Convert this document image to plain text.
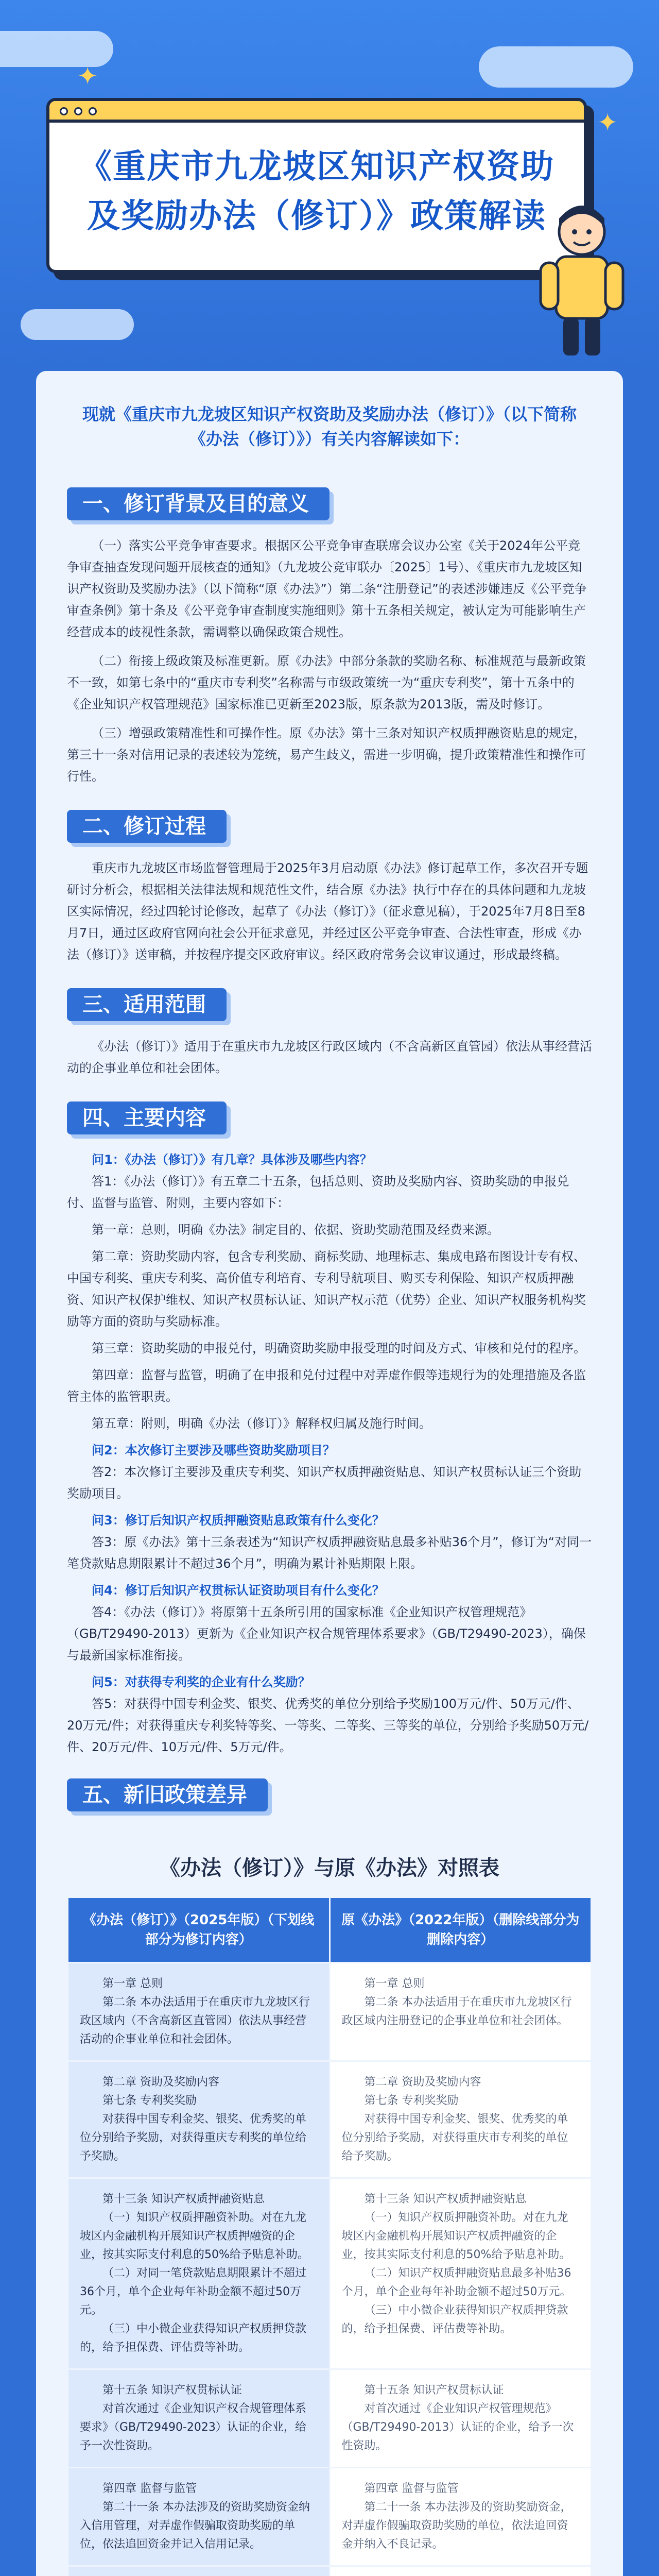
✦
✦
《重庆市九龙坡区知识产权资助及奖励办法（修订）》政策解读

现就《重庆市九龙坡区知识产权资助及奖励办法（修订）》（以下简称《办法（修订）》）有关内容解读如下：

一、修订背景及目的意义

（一）落实公平竞争审查要求。根据区公平竞争审查联席会议办公室《关于2024年公平竞争审查抽查发现问题开展核查的通知》（九龙坡公竞审联办〔2025〕1号）、《重庆市九龙坡区知识产权资助及奖励办法》（以下简称“原《办法》”）第二条“注册登记”的表述涉嫌违反《公平竞争审查条例》第十条及《公平竞争审查制度实施细则》第十五条相关规定，被认定为可能影响生产经营成本的歧视性条款，需调整以确保政策合规性。

（二）衔接上级政策及标准更新。原《办法》中部分条款的奖励名称、标准规范与最新政策不一致，如第七条中的“重庆市专利奖”名称需与市级政策统一为“重庆专利奖”，第十五条中的《企业知识产权管理规范》国家标准已更新至2023版，原条款为2013版，需及时修订。

（三）增强政策精准性和可操作性。原《办法》第十三条对知识产权质押融资贴息的规定，第三十一条对信用记录的表述较为笼统，易产生歧义，需进一步明确，提升政策精准性和操作可行性。

二、修订过程

重庆市九龙坡区市场监督管理局于2025年3月启动原《办法》修订起草工作，多次召开专题研讨分析会，根据相关法律法规和规范性文件，结合原《办法》执行中存在的具体问题和九龙坡区实际情况，经过四轮讨论修改，起草了《办法（修订）》（征求意见稿），于2025年7月8日至8月7日，通过区政府官网向社会公开征求意见，并经过区公平竞争审查、合法性审查，形成《办法（修订）》送审稿，并按程序提交区政府审议。经区政府常务会议审议通过，形成最终稿。

三、适用范围

《办法（修订）》适用于在重庆市九龙坡区行政区域内（不含高新区直管园）依法从事经营活动的企事业单位和社会团体。

四、主要内容

问1：《办法（修订）》有几章？具体涉及哪些内容？

答1：《办法（修订）》有五章二十五条，包括总则、资助及奖励内容、资助奖励的申报兑付、监督与监管、附则，主要内容如下：

第一章：总则，明确《办法》制定目的、依据、资助奖励范围及经费来源。

第二章：资助奖励内容，包含专利奖励、商标奖励、地理标志、集成电路布图设计专有权、中国专利奖、重庆专利奖、高价值专利培育、专利导航项目、购买专利保险、知识产权质押融资、知识产权保护维权、知识产权贯标认证、知识产权示范（优势）企业、知识产权服务机构奖励等方面的资助与奖励标准。

第三章：资助奖励的申报兑付，明确资助奖励申报受理的时间及方式、审核和兑付的程序。

第四章：监督与监管，明确了在申报和兑付过程中对弄虚作假等违规行为的处理措施及各监管主体的监管职责。

第五章：附则，明确《办法（修订）》解释权归属及施行时间。

问2：本次修订主要涉及哪些资助奖励项目？

答2：本次修订主要涉及重庆专利奖、知识产权质押融资贴息、知识产权贯标认证三个资助奖励项目。

问3：修订后知识产权质押融资贴息政策有什么变化？

答3：原《办法》第十三条表述为“知识产权质押融资贴息最多补贴36个月”，修订为“对同一笔贷款贴息期限累计不超过36个月”，明确为累计补贴期限上限。

问4：修订后知识产权贯标认证资助项目有什么变化？

答4：《办法（修订）》将原第十五条所引用的国家标准《企业知识产权管理规范》（GB/T29490-2013）更新为《企业知识产权合规管理体系要求》（GB/T29490-2023），确保与最新国家标准衔接。

问5：对获得专利奖的企业有什么奖励？

答5：对获得中国专利金奖、银奖、优秀奖的单位分别给予奖励100万元/件、50万元/件、20万元/件；对获得重庆专利奖特等奖、一等奖、二等奖、三等奖的单位，分别给予奖励50万元/件、20万元/件、10万元/件、5万元/件。

五、新旧政策差异
《办法（修订）》与原《办法》对照表
《办法（修订）》（2025年版）（下划线部分为修订内容）	原《办法》（2022年版）（删除线部分为删除内容）

第一章 总则
第二条 本办法适用于在重庆市九龙坡区行政区域内（不含高新区直管园）依法从事经营活动的企事业单位和社会团体。	第一章 总则
第二条 本办法适用于在重庆市九龙坡区行政区域内注册登记的企事业单位和社会团体。

第二章 资助及奖励内容
第七条 专利奖奖励
对获得中国专利金奖、银奖、优秀奖的单位分别给予奖励，对获得重庆专利奖的单位给予奖励。	第二章 资助及奖励内容
第七条 专利奖奖励
对获得中国专利金奖、银奖、优秀奖的单位分别给予奖励，对获得重庆市专利奖的单位给予奖励。

第十三条 知识产权质押融资贴息
（一）知识产权质押融资补助。对在九龙坡区内金融机构开展知识产权质押融资的企业，按其实际支付利息的50%给予贴息补助。
（二）对同一笔贷款贴息期限累计不超过36个月，单个企业每年补助金额不超过50万元。
（三）中小微企业获得知识产权质押贷款的，给予担保费、评估费等补助。	第十三条 知识产权质押融资贴息
（一）知识产权质押融资补助。对在九龙坡区内金融机构开展知识产权质押融资的企业，按其实际支付利息的50%给予贴息补助。
（二）知识产权质押融资贴息最多补贴36个月，单个企业每年补助金额不超过50万元。
（三）中小微企业获得知识产权质押贷款的，给予担保费、评估费等补助。

第十五条 知识产权贯标认证
对首次通过《企业知识产权合规管理体系要求》（GB/T29490-2023）认证的企业，给予一次性资助。	第十五条 知识产权贯标认证
对首次通过《企业知识产权管理规范》（GB/T29490-2013）认证的企业，给予一次性资助。

第四章 监督与监管
第二十一条 本办法涉及的资助奖励资金纳入信用管理，对弄虚作假骗取资助奖励的单位，依法追回资金并记入信用记录。	第四章 监督与监管
第二十一条 本办法涉及的资助奖励资金，对弄虚作假骗取资助奖励的单位，依法追回资金并纳入不良记录。
